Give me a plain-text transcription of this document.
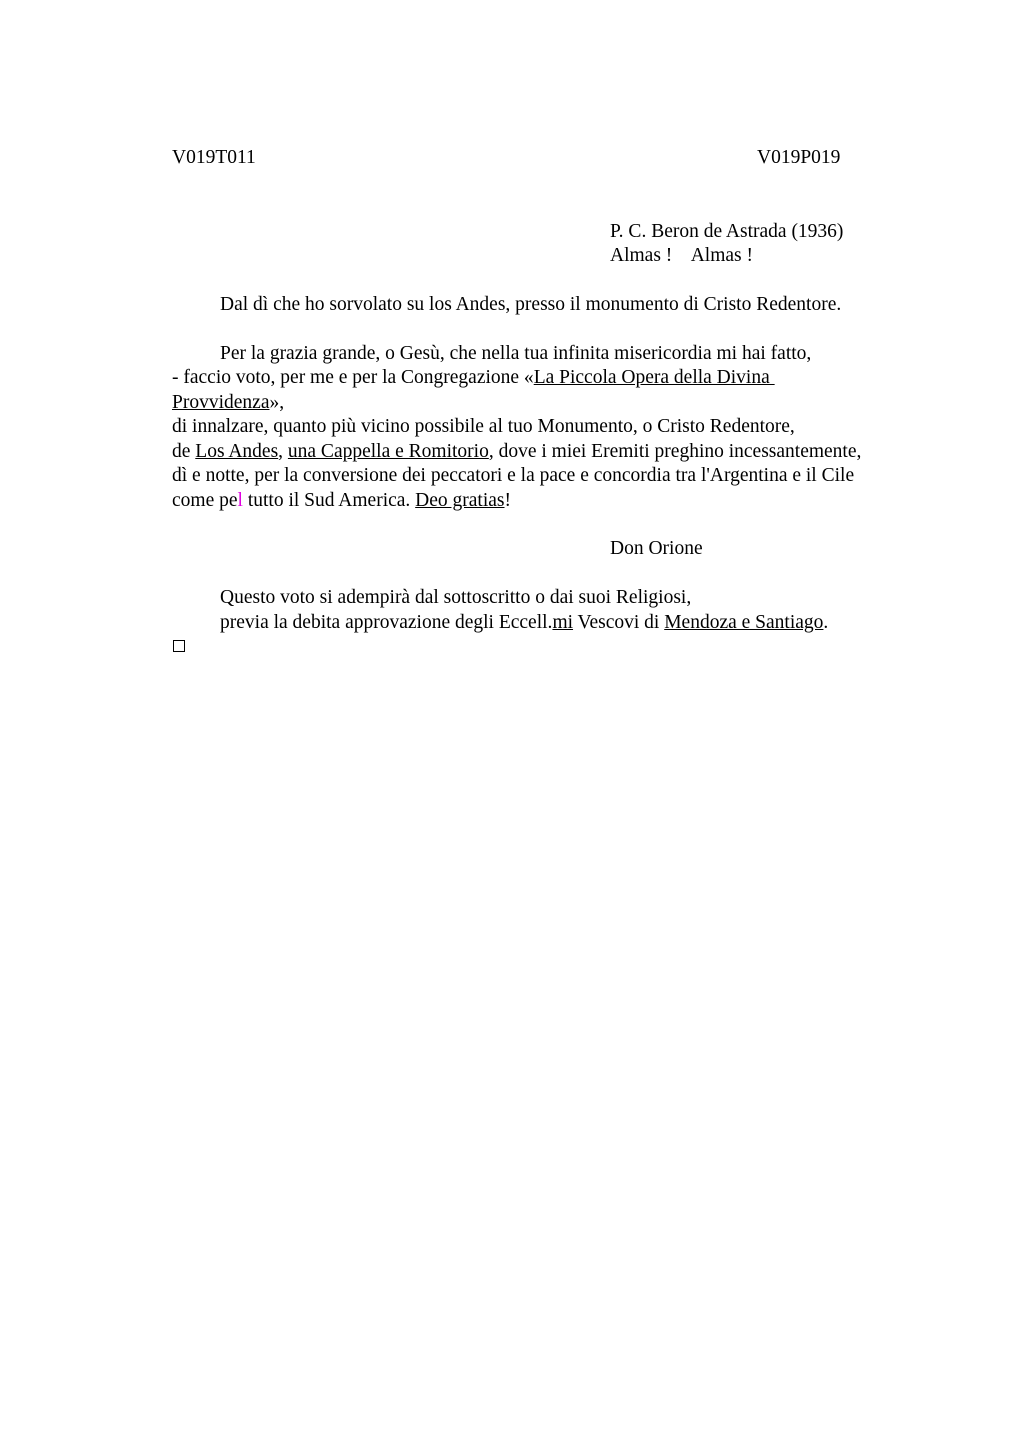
V019T011	V019P019
P. C. Beron de Astrada (1936)
Almas !    Almas !
Dal dì che ho sorvolato su los Andes, presso il monumento di Cristo Redentore.
Per la grazia grande, o Gesù, che nella tua infinita misericordia mi hai fatto,
- faccio voto, per me e per la Congregazione «La Piccola Opera della Divina
Provvidenza»,
di innalzare, quanto più vicino possibile al tuo Monumento, o Cristo Redentore,
de Los Andes, una Cappella e Romitorio, dove i miei Eremiti preghino incessantemente,
dì e notte, per la conversione dei peccatori e la pace e concordia tra l'Argentina e il Cile
come pel tutto il Sud America. Deo gratias!
Don Orione
Questo voto si adempirà dal sottoscritto o dai suoi Religiosi,
previa la debita approvazione degli Eccell.mi Vescovi di Mendoza e Santiago.
